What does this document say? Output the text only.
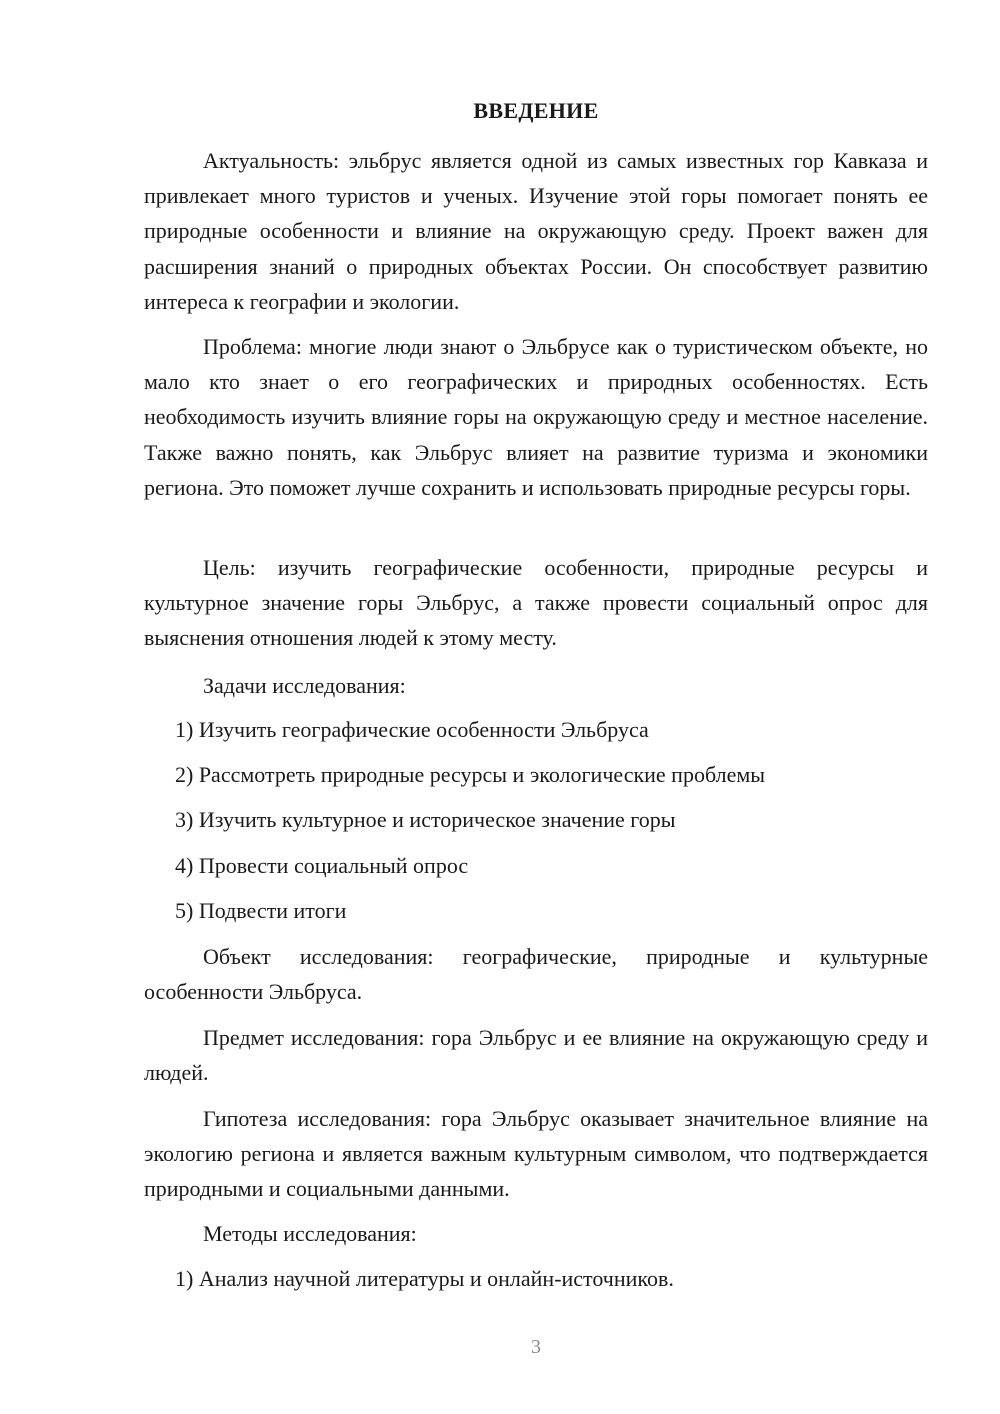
ВВЕДЕНИЕ

Актуальность: эльбрус является одной из самых известных гор Кавказа и привлекает много туристов и ученых. Изучение этой горы помогает понять ее природные особенности и влияние на окружающую среду. Проект важен для расширения знаний о природных объектах России. Он способствует развитию интереса к географии и экологии.

Проблема: многие люди знают о Эльбрусе как о туристическом объекте, но мало кто знает о его географических и природных особенностях. Есть необходимость изучить влияние горы на окружающую среду и местное население. Также важно понять, как Эльбрус влияет на развитие туризма и экономики региона. Это поможет лучше сохранить и использовать природные ресурсы горы.

Цель: изучить географические особенности, природные ресурсы и культурное значение горы Эльбрус, а также провести социальный опрос для выяснения отношения людей к этому месту.

Задачи исследования:

1) Изучить географические особенности Эльбруса

2) Рассмотреть природные ресурсы и экологические проблемы

3) Изучить культурное и историческое значение горы

4) Провести социальный опрос

5) Подвести итоги

Объект исследования: географические, природные и культурные особенности Эльбруса.

Предмет исследования: гора Эльбрус и ее влияние на окружающую среду и людей.

Гипотеза исследования: гора Эльбрус оказывает значительное влияние на экологию региона и является важным культурным символом, что подтверждается природными и социальными данными.

Методы исследования:

1) Анализ научной литературы и онлайн-источников.

3
